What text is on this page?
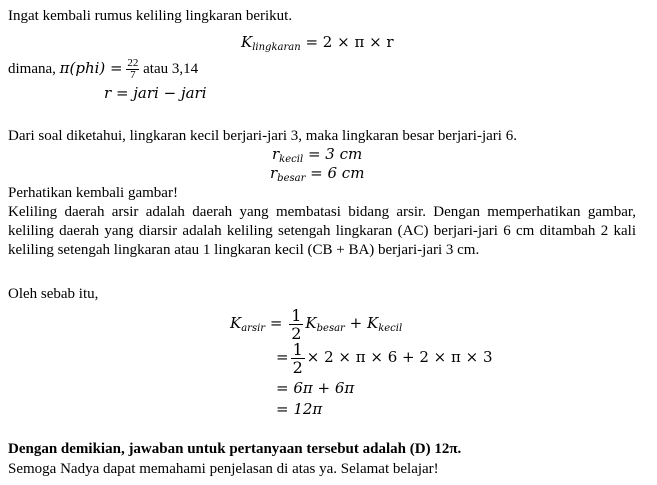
Ingat kembali rumus keliling lingkaran berikut.
$K_{lingkaran} = 2 \times \pi \times r$
dimana, $\pi(phi) = \frac{22}{7}$ atau 3,14
r = jari − jari
Dari soal diketahui, lingkaran kecil berjari-jari 3, maka lingkaran besar berjari-jari 6.
$r_{kecil} = 3$ cm
$r_{besar} = 6$ cm
Perhatikan kembali gambar!
Keliling daerah arsir adalah daerah yang membatasi bidang arsir. Dengan memperhatikan gambar, keliling daerah yang diarsir adalah keliling setengah lingkaran (AC) berjari-jari 6 cm ditambah 2 kali keliling setengah lingkaran atau 1 lingkaran kecil (CB + BA) berjari-jari 3 cm.
Oleh sebab itu,
$K_{arsir} = \frac{1}{2} K_{besar} + K_{kecil}$
= $\frac{1}{2} \times 2 \times \pi \times 6 + 2 \times \pi \times 3$
= 6π + 6π
= 12π
Dengan demikian, jawaban untuk pertanyaan tersebut adalah (D) 12π.
Semoga Nadya dapat memahami penjelasan di atas ya. Selamat belajar!
